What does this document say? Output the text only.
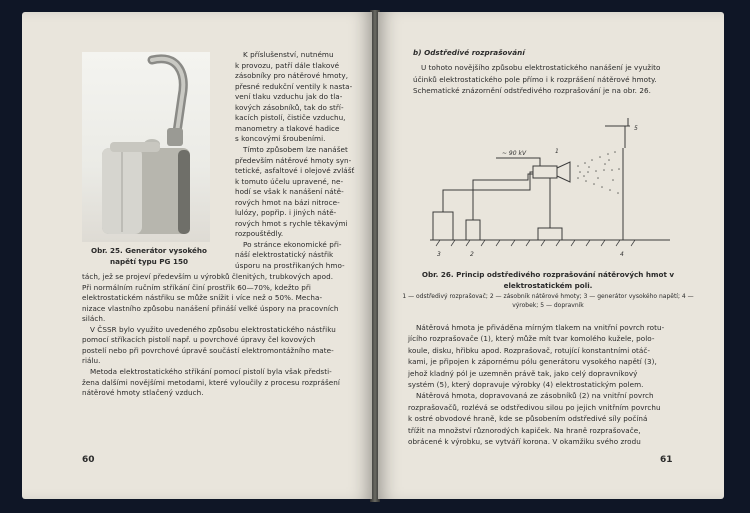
Obr. 25. Generátor vysokého napětí typu PG 150
K příslušenství, nutnému
k provozu, patří dále tlakové
zásobníky pro nátěrové hmoty,
přesné redukční ventily k nasta-
vení tlaku vzduchu jak do tla-
kových zásobníků, tak do stří-
kacích pistolí, čističe vzduchu,
manometry a tlakové hadice
s koncovými šroubeními.
Tímto způsobem lze nanášet
především nátěrové hmoty syn-
tetické, asfaltové i olejové zvlášť
k tomuto účelu upravené, ne-
hodí se však k nanášení nátě-
rových hmot na bázi nitroce-
lulózy, popřip. i jiných nátě-
rových hmot s rychle těkavými
rozpouštědly.
Po stránce ekonomické při-
náší elektrostatický nástřik
úsporu na prostřikaných hmo-
tách, jež se projeví především u výrobků členitých, trubkových apod.
Při normálním ručním stříkání činí prostřik 60—70%, kdežto při
elektrostatickém nástřiku se může snížit i více než o 50%. Mecha-
nizace vlastního způsobu nanášení přináší velké úspory na pracovních
silách.
V ČSSR bylo využito uvedeného způsobu elektrostatického nástřiku
pomocí stříkacích pistolí např. u povrchové úpravy čel kovových
postelí nebo při povrchové úpravě součástí elektromontážního mate-
riálu.
Metoda elektrostatického stříkání pomocí pistolí byla však předsti-
žena dalšími novějšími metodami, které vyloučily z procesu rozprášení
nátěrové hmoty stlačený vzduch.
60
b) Odstředivé rozprašování
U tohoto novějšího způsobu elektrostatického nanášení je využito
účinků elektrostatického pole přímo i k rozprášení nátěrové hmoty.
Schematické znázornění odstředivého rozprašování je na obr. 26.
~ 90 kV	1
2
3	4
5
Obr. 26. Princip odstředivého rozprašování nátěrových hmot v elektrostatickém poli.
1 — odstředivý rozprašovač; 2 — zásobník nátěrové hmoty; 3 — generátor vysokého napětí; 4 — výrobek; 5 — dopravník
Nátěrová hmota je přiváděna mírným tlakem na vnitřní povrch rotu-
jícího rozprašovače (1), který může mít tvar komolého kužele, polo-
koule, disku, hřibku apod. Rozprašovač, rotující konstantními otáč-
kami, je připojen k zápornému pólu generátoru vysokého napětí (3),
jehož kladný pól je uzemněn právě tak, jako celý dopravníkový
systém (5), který dopravuje výrobky (4) elektrostatickým polem.
Nátěrová hmota, dopravovaná ze zásobníků (2) na vnitřní povrch
rozprašovačů, rozlévá se odstředivou silou po jejich vnitřním povrchu
k ostré obvodové hraně, kde se působením odstředivé síly počíná
třížit na množství různorodých kapiček. Na hraně rozprašovače,
obrácené k výrobku, se vytváří korona. V okamžiku svého zrodu
61
